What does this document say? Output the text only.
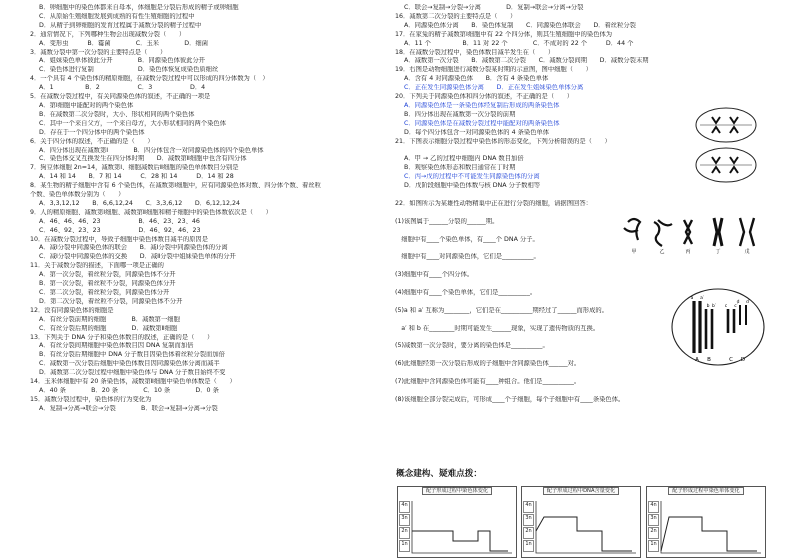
B．卵细胞中的染色体都来自母本，体细胞是分裂后形成的精子或卵细胞
C．从原始生殖细胞发展到成熟的有性生殖细胞的过程中
D．从精子到卵细胞的发育过程属于减数分裂的精子过程中
2．通常情况下，下列哪种生物会出现减数分裂（　　）
A．变形虫　　　B．霉菌　　　　C．玉米　　　　D．细菌
3．减数分裂中第一次分裂的主要特点是（　　）
A．姐妹染色单体彼此分开　　　　B．同源染色体彼此分开
C．染色体进行复制　　　　　　　D．染色体恢复成染色质细丝
4．一个具有 4 个染色体的精原细胞，在减数分裂过程中可以形成的四分体数为（　）
A．1　　　　　B．2　　　　　　C．3　　　　　　D．4
5．在减数分裂过程中，有关同源染色体的叙述，不正确的一项是
A．第Ⅰ细胞中能配对的两个染色体
B．在减数第二次分裂时，大小、形状相同的两个染色体
C．其中一个来自父方，一个来自母方，大小形状相同的两个染色体
D．存在于一个四分体中的两个染色体
6．关于四分体的叙述，不正确的是（　　）
A．四分体出现在减数第Ⅰ　　　　B．四分体包含一对同源染色体的四个染色单体
C．染色体交叉互换发生在四分体时期　　D．减数第Ⅱ细胞中也含有四分体
7．狗豆体细胞 2n=14，减数第Ⅰ、细胞减数后Ⅱ细胞的染色单体数目分别是
A．14 和 14　　B．7 和 14　　　C．28 和 14　　　D．14 和 28
8．某生物的精子细胞中含有 6 个染色体，在减数第Ⅰ细胞中，应有同源染色体对数、四分体个数、着丝粒
个数、染色单体数分别为（　　）
A．3,3,12,12　　B．6,6,12,24　　C．3,3,6,12　　D．6,12,12,24
9．人的精原细胞、减数第Ⅰ细胞、减数第Ⅱ细胞和精子细胞中的染色体数依次是（　　）
A．46、46、46、23　　　　　　B．46、23、23、46
C．46、92、23、23　　　　　　D．46、92、46、23
10．在减数分裂过程中，导致子细胞中染色体数目减半的原因是
A．减Ⅰ分裂中同源染色体的联会　　B．减Ⅰ分裂中同源染色体的分离
C．减Ⅰ分裂中同源染色体的交换　　D．减Ⅱ分裂中姐妹染色单体的分开
11．关于减数分裂的描述，下面哪一项是正确的
A．第一次分裂，着丝粒分裂，同源染色体不分开
B．第一次分裂，着丝粒不分裂，同源染色体分开
C．第二次分裂，着丝粒分裂，同源染色体分开
D．第二次分裂，着丝粒不分裂，同源染色体不分开
12．没有同源染色体的细胞是
A．有丝分裂前期的细胞　　　　B．减数第一细胞
C．有丝分裂后期的细胞　　　　D．减数第Ⅱ细胞
13．下列关于 DNA 分子和染色体数目的叙述，正确的是（　　）
A．有丝分裂间期细胞中染色体数目因 DNA 复制而加倍
B．有丝分裂后期细胞中 DNA 分子数目因染色体着丝粒分裂而加倍
C．减数第一次分裂后细胞中染色体数目因同源染色体分离而减半
D．减数第二次分裂过程中细胞中染色体与 DNA 分子数目始终不变
14．玉米体细胞中有 20 条染色体，减数第Ⅱ细胞中染色单体数是（　　）
A．40 条　　　　B．20 条　　　　C．10 条　　　　D．0 条
15．减数分裂过程中，染色体的行为变化为
A．复制→分离→联会→分裂　　　　B．联会→复制→分离→分裂
C．联会→复制→分裂→分离　　　　D．复制→联会→分离→分裂
16．减数第二次分裂的主要特点是（　　）
A．同源染色体分离　　B．染色体复制　　C．同源染色体联会　　D．着丝粒分裂
17．在家兔的精子减数第Ⅰ细胞中有 22 个四分体，则其生殖细胞中的染色体为
A．11 个　　　　　B．11 对 22 个　　　　C．不成对的 22 个　　　D．44 个
18．在减数分裂过程中，染色体数目减半发生在（　　）
A．减数第一次分裂　　B．减数第二次分裂　　C．减数分裂间期　　D．减数分裂末期
19．右图是动物细胞进行减数分裂某时期的示意图，图中细胞（　　）
A．含有 4 对同源染色体　　B．含有 4 条染色单体
C．正在发生同源染色体分离　　D．正在发生姐妹染色单体分离
20．下列关于同源染色体和四分体的叙述，不正确的是（　　）
A．同源染色体是一条染色体经复制后形成的两条染色体
B．四分体出现在减数第一次分裂的前期
C．同源染色体是在减数分裂过程中能配对的两条染色体
D．每个四分体包含一对同源染色体的 4 条染色单体
21．下图表示细胞分裂过程中染色体的形态变化，下列分析错误的是（　　）

A．甲 → 乙的过程中细胞内 DNA 数目加倍
B．观察染色体形态和数目通常在丁时期
C．丙→戊的过程中不可能发生同源染色体的分离
D．戊阶段细胞中染色体数与核 DNA 分子数相等

22．如图所示为某雄性动物精巢中正在进行分裂的细胞，请据图回答：

(1)该图属于______分裂的______期。

　细胞中有____个染色单体，有____个 DNA 分子。

　细胞中有____对同源染色体，它们是__________。

(3)细胞中有____个四分体。

(4)细胞中有____个染色单体，它们是__________。

(5)a 和 a′ 互称为________，它们是在__________期经过了______而形成的。

　a′ 和 b 在________时期可能发生______现象，实现了遗传物质的互换。

(5)减数第一次分裂时，要分离的染色体是__________。

(6)此细胞经第一次分裂后形成的子细胞中含同源染色体______对。

(7)此细胞中含同源染色体可能有____种组合。他们是__________。

(8)该细胞全部分裂完成后，可形成____个子细胞，每个子细胞中有____条染色体。
甲	乙	丙	丁	戊
a a′
b b′ c c′
d d′
A B	C D
概念建构、疑难点拨：
配子形成过程中染色体变化
4n
3n
2n
1n
配子形成过程中DNA含量变化
4n
3n
2n
1n
配子形成过程中染色单体变化
4n
3n
2n
1n
